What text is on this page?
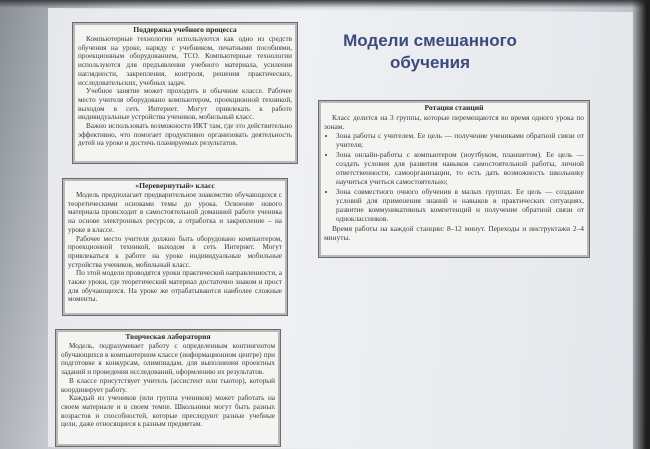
Модели смешанного обучения
Поддержка учебного процесса

Компьютерные технологии используются как одно из средств обучения на уроке, наряду с учебником, печатными пособиями, проекционным оборудованием, ТСО. Компьютерные технологии используются для предъявления учебного материала, усиления наглядности, закрепления, контроля, решения практических, исследовательских, учебных задач.

Учебное занятие может проходить в обычном классе. Рабочее место учителя оборудовано компьютером, проекционной техникой, выходом в сеть Интернет. Могут привлекать к работе индивидуальные устройства учеников, мобильный класс.

Важно использовать возможности ИКТ там, где это действительно эффективно, что помогает продуктивно организовать деятельность детей на уроке и достичь планируемых результатов.

«Перевернутый» класс

Модель предполагает предварительное знакомство обучающихся с теоретическими основами темы до урока. Освоение нового материала происходит в самостоятельной домашней работе ученика на основе электронных ресурсов, а отработка и закрепление – на уроке в классе.

Рабочее место учителя должно быть оборудовано компьютером, проекционной техникой, выходом в сеть Интернет. Могут привлекаться к работе на уроке индивидуальные мобильные устройства учеников, мобильный класс.

По этой модели проводятся уроки практической направленности, а также уроки, где теоретический материал достаточно знаком и прост для обучающихся. На уроке же отрабатываются наиболее сложные моменты.

Творческая лаборатория

Модель, подразумевает работу с определенным контингентом обучающихся в компьютерном классе (информационном центре) при подготовке к конкурсам, олимпиадам, для выполнения проектных заданий и проведения исследований, оформлению их результатов.

В классе присутствует учитель (ассистент или тьютор), который координирует работу.

Каждый из учеников (или группа учеников) может работать на своем материале и в своем темпе. Школьники могут быть разных возрастов и способностей, которые преследуют разные учебные цели, даже относящиеся к разным предметам.

Ротация станций

Класс делится на 3 группы, которые перемещаются во время одного урока по зонам.

• Зона работы с учителем. Ее цель — получение учениками обратной связи от учителя;
• Зона онлайн-работы с компьютером (ноутбуком, планшетом). Ее цель — создать условия для развития навыков самостоятельной работы, личной ответственности, самоорганизации, то есть дать возможность школьнику научиться учиться самостоятельно;
• Зона совместного очного обучения в малых группах. Ее цель — создание условий для применения знаний и навыков в практических ситуациях, развитие коммуникативных компетенций и получение обратной связи от одноклассников.

Время работы на каждой станции: 8–12 минут. Переходы и инструктажи 2–4 минуты.
